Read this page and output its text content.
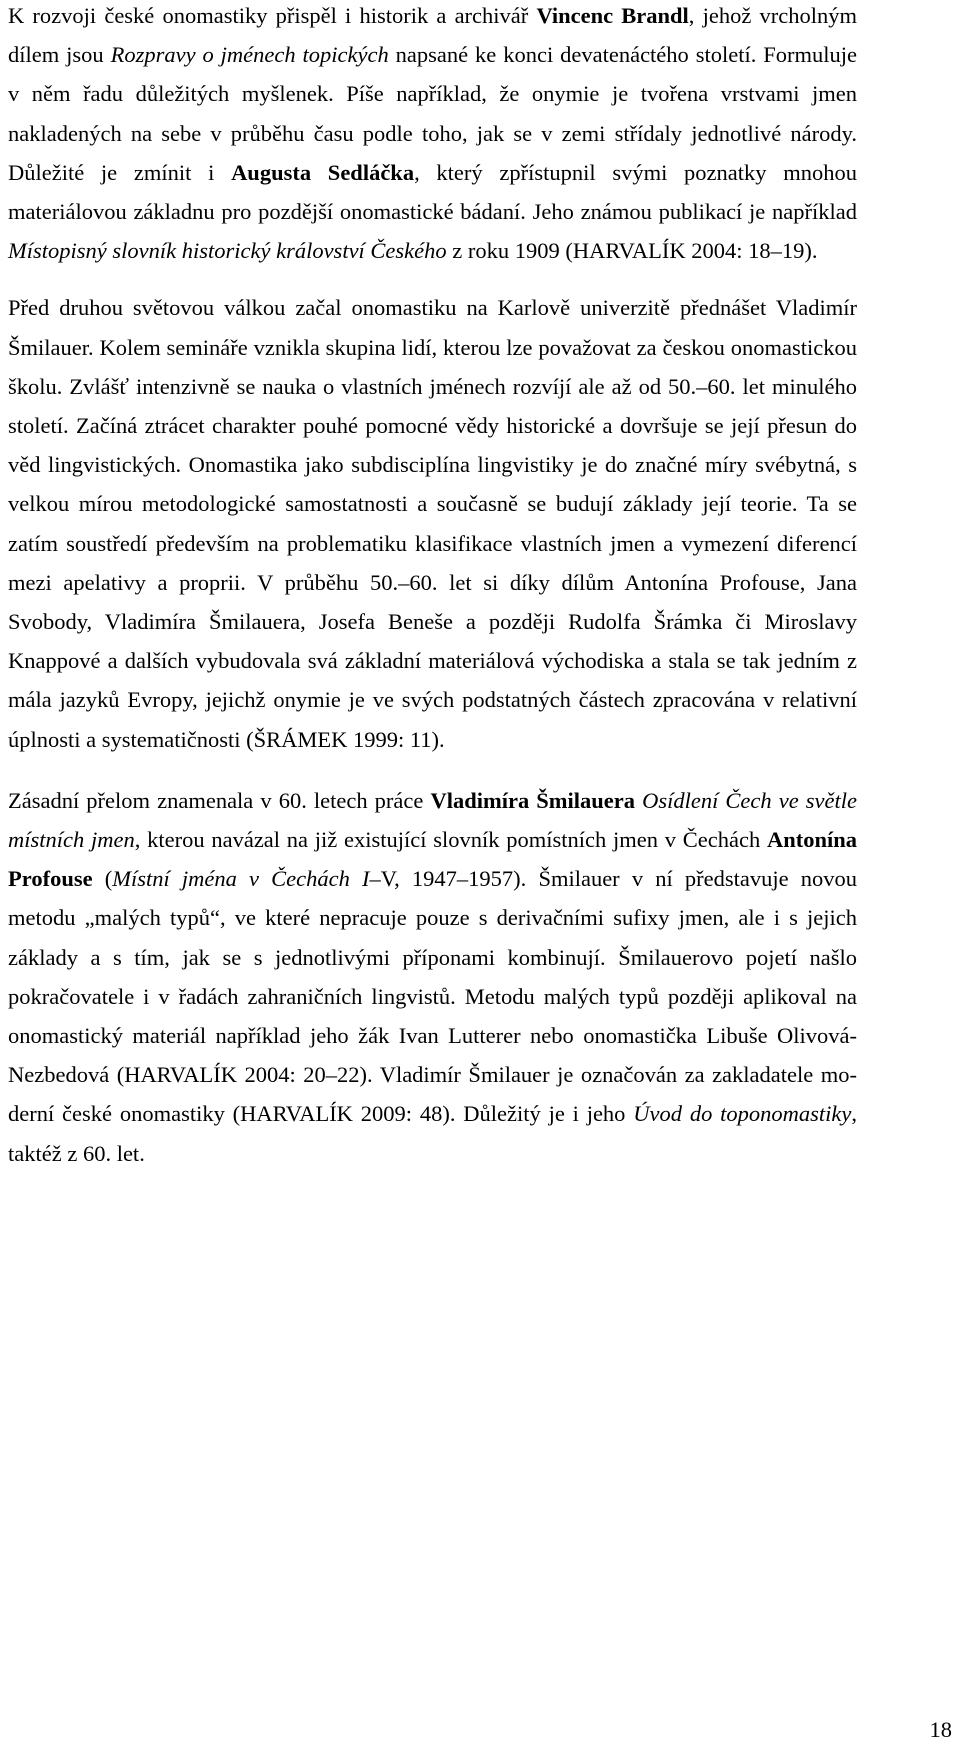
K rozvoji české onomastiky přispěl i historik a archivář Vincenc Brandl, jehož vrcholným dílem jsou Rozpravy o jménech topických napsané ke konci devatenáctého století. Formuluje v něm řadu důležitých myšlenek. Píše například, že onymie je tvořena vrstvami jmen nakladených na sebe v průběhu času podle toho, jak se v zemi střídaly jednotlivé národy. Důležité je zmínit i Augusta Sedláčka, který zpřístupnil svými poznatky mnohou materiálovou základnu pro pozdější onomastické bádaní. Jeho známou publikací je například Místopisný slovník historický království Českého z roku 1909 (HARVALÍK 2004: 18–19).

Před druhou světovou válkou začal onomastiku na Karlově univerzitě přednášet Vladimír Šmilauer. Kolem semináře vznikla skupina lidí, kterou lze považovat za českou onomastickou školu. Zvlášť intenzivně se nauka o vlastních jménech rozvíjí ale až od 50.–60. let minulého století. Začíná ztrácet charakter pouhé pomocné vědy historické a dovršuje se její přesun do věd lingvistických. Onomastika jako subdisciplína lingvistiky je do značné míry svébytná, s velkou mírou metodologické samostatnosti a současně se budují základy její teorie. Ta se zatím soustředí především na problematiku klasifikace vlastních jmen a vymezení diferencí mezi apelativy a proprii. V průběhu 50.–60. let si díky dílům Antonína Profouse, Jana Svobody, Vladimíra Šmilauera, Josefa Beneše a později Rudolfa Šrámka či Miroslavy Knappové a dalších vybudovala svá základní materiálová východiska a stala se tak jedním z mála jazyků Evropy, jejichž onymie je ve svých podstatných částech zpracována v relativní úplnosti a systematičnosti (ŠRÁMEK 1999: 11).

Zásadní přelom znamenala v 60. letech práce Vladimíra Šmilauera Osídlení Čech ve světle místních jmen, kterou navázal na již existující slovník pomístních jmen v Čechách Antonína Profouse (Místní jména v Čechách I–V, 1947–1957). Šmilauer v ní představuje novou metodu „malých typů“, ve které nepracuje pouze s derivačními sufixy jmen, ale i s jejich základy a s tím, jak se s jednotlivými příponami kombinují. Šmilauerovo pojetí našlo pokračovatele i v řadách zahraničních lingvistů. Metodu malých typů později aplikoval na onomastický materiál například jeho žák Ivan Lutterer nebo onomastička Libuše Olivová-Nezbedová (HARVALÍK 2004: 20–22). Vladimír Šmilauer je označován za zakladatele moderní české onomastiky (HARVALÍK 2009: 48). Důležitý je i jeho Úvod do toponomastiky, taktéž z 60. let.

18
